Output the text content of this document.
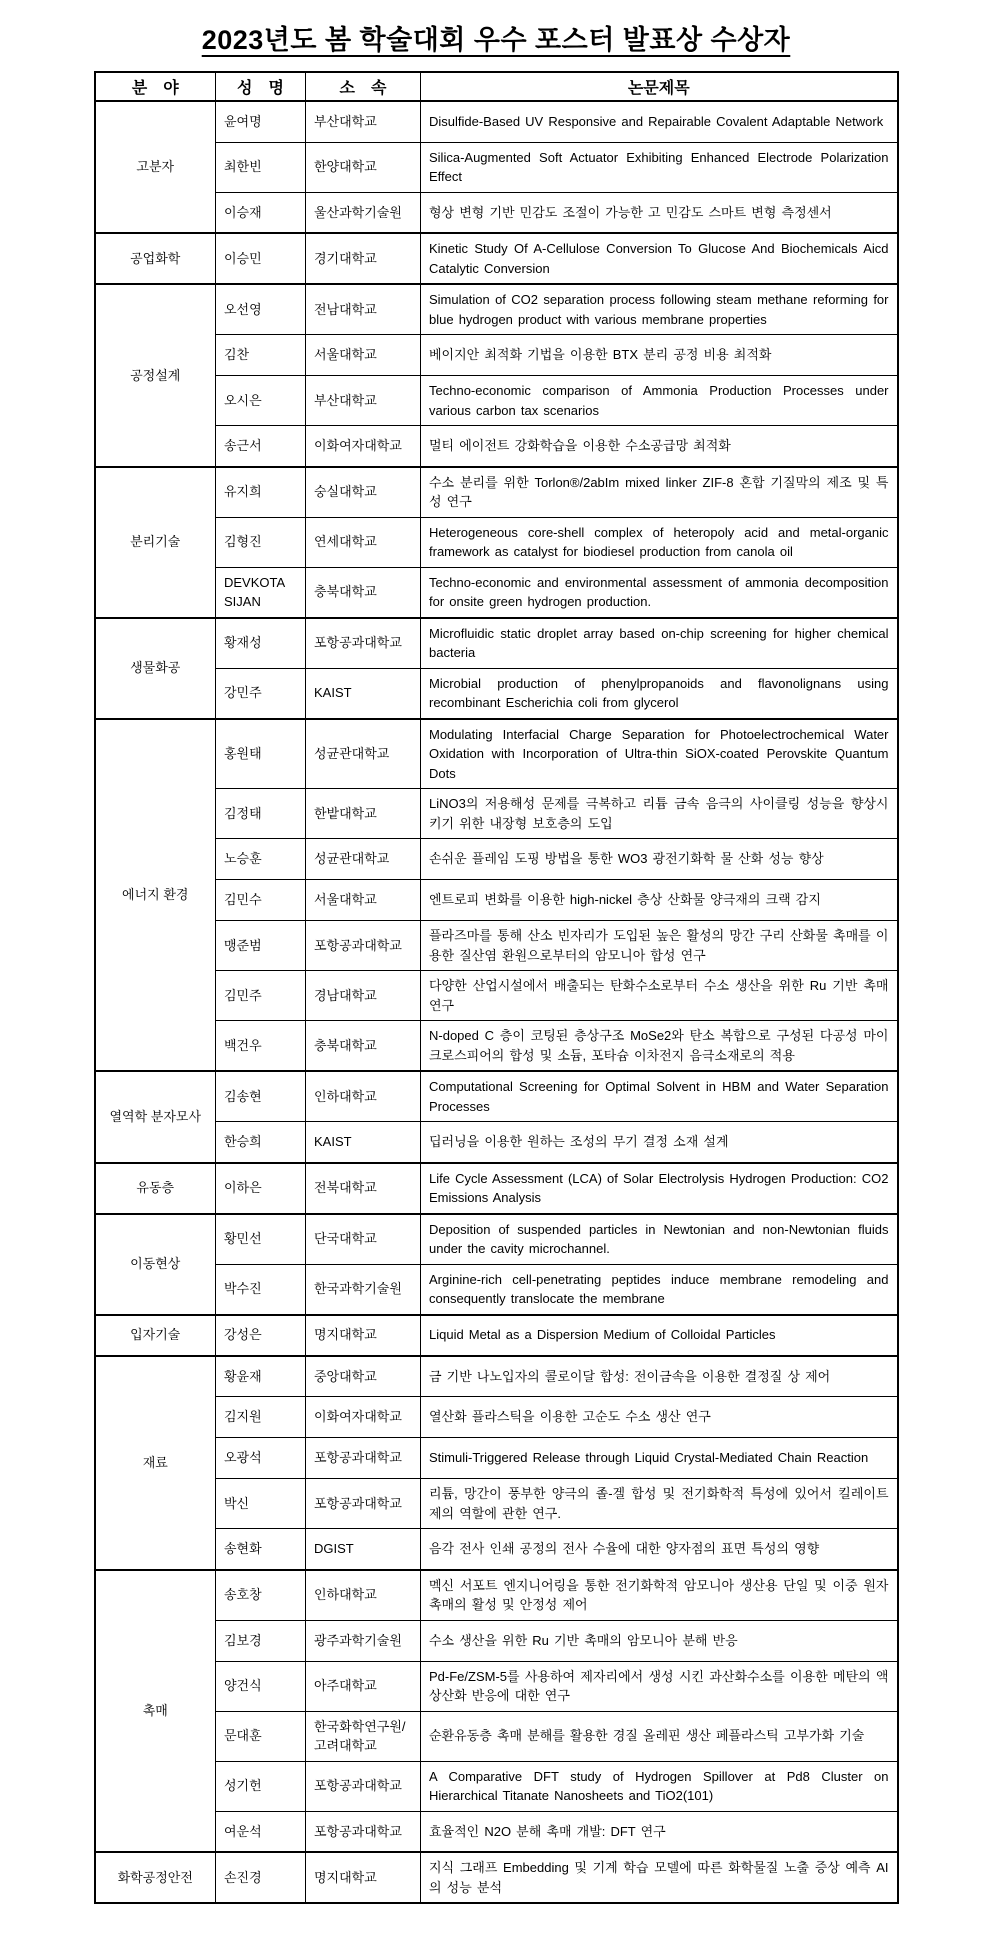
2023년도 봄 학술대회 우수 포스터 발표상 수상자
분　야	성　명	소　속	논문제목
고분자	윤여명	부산대학교	Disulfide-Based UV Responsive and Repairable Covalent Adaptable Network
	최한빈	한양대학교	Silica-Augmented Soft Actuator Exhibiting Enhanced Electrode Polarization Effect
	이승재	울산과학기술원	형상 변형 기반 민감도 조절이 가능한 고 민감도 스마트 변형 측정센서
공업화학	이승민	경기대학교	Kinetic Study Of A-Cellulose Conversion To Glucose And Biochemicals Aicd Catalytic Conversion
공정설계	오선영	전남대학교	Simulation of CO2 separation process following steam methane reforming for blue hydrogen product with various membrane properties
	김찬	서울대학교	베이지안 최적화 기법을 이용한 BTX 분리 공정 비용 최적화
	오시은	부산대학교	Techno-economic comparison of Ammonia Production Processes under various carbon tax scenarios
	송근서	이화여자대학교	멀티 에이전트 강화학습을 이용한 수소공급망 최적화
분리기술	유지희	숭실대학교	수소 분리를 위한 Torlon®/2abIm mixed linker ZIF-8 혼합 기질막의 제조 및 특성 연구
	김형진	연세대학교	Heterogeneous core-shell complex of heteropoly acid and metal-organic framework as catalyst for biodiesel production from canola oil
	DEVKOTA SIJAN	충북대학교	Techno-economic and environmental assessment of ammonia decomposition for onsite green hydrogen production.
생물화공	황재성	포항공과대학교	Microfluidic static droplet array based on-chip screening for higher chemical bacteria
	강민주	KAIST	Microbial production of phenylpropanoids and flavonolignans using recombinant Escherichia coli from glycerol
에너지 환경	홍원태	성균관대학교	Modulating Interfacial Charge Separation for Photoelectrochemical Water Oxidation with Incorporation of Ultra-thin SiOX-coated Perovskite Quantum Dots
	김정태	한밭대학교	LiNO3의 저용해성 문제를 극복하고 리튬 금속 음극의 사이클링 성능을 향상시키기 위한 내장형 보호층의 도입
	노승훈	성균관대학교	손쉬운 플레임 도핑 방법을 통한 WO3 광전기화학 물 산화 성능 향상
	김민수	서울대학교	엔트로피 변화를 이용한 high-nickel 층상 산화물 양극재의 크랙 감지
	맹준범	포항공과대학교	플라즈마를 통해 산소 빈자리가 도입된 높은 활성의 망간 구리 산화물 촉매를 이용한 질산염 환원으로부터의 암모니아 합성 연구
	김민주	경남대학교	다양한 산업시설에서 배출되는 탄화수소로부터 수소 생산을 위한 Ru 기반 촉매 연구
	백건우	충북대학교	N-doped C 층이 코팅된 층상구조 MoSe2와 탄소 복합으로 구성된 다공성 마이크로스피어의 합성 및 소듐, 포타슘 이차전지 음극소재로의 적용
열역학 분자모사	김송현	인하대학교	Computational Screening for Optimal Solvent in HBM and Water Separation Processes
	한승희	KAIST	딥러닝을 이용한 원하는 조성의 무기 결정 소재 설계
유동층	이하은	전북대학교	Life Cycle Assessment (LCA) of Solar Electrolysis Hydrogen Production: CO2 Emissions Analysis
이동현상	황민선	단국대학교	Deposition of suspended particles in Newtonian and non-Newtonian fluids under the cavity microchannel.
	박수진	한국과학기술원	Arginine-rich cell-penetrating peptides induce membrane remodeling and consequently translocate the membrane
입자기술	강성은	명지대학교	Liquid Metal as a Dispersion Medium of Colloidal Particles
재료	황윤재	중앙대학교	금 기반 나노입자의 콜로이달 합성: 전이금속을 이용한 결정질 상 제어
	김지원	이화여자대학교	열산화 플라스틱을 이용한 고순도 수소 생산 연구
	오광석	포항공과대학교	Stimuli-Triggered Release through Liquid Crystal-Mediated Chain Reaction
	박신	포항공과대학교	리튬, 망간이 풍부한 양극의 졸-겔 합성 및 전기화학적 특성에 있어서 킬레이트제의 역할에 관한 연구.
	송현화	DGIST	음각 전사 인쇄 공정의 전사 수율에 대한 양자점의 표면 특성의 영향
촉매	송호창	인하대학교	멕신 서포트 엔지니어링을 통한 전기화학적 암모니아 생산용 단일 및 이중 원자 촉매의 활성 및 안정성 제어
	김보경	광주과학기술원	수소 생산을 위한 Ru 기반 촉매의 암모니아 분해 반응
	양건식	아주대학교	Pd-Fe/ZSM-5를 사용하여 제자리에서 생성 시킨 과산화수소를 이용한 메탄의 액상산화 반응에 대한 연구
	문대훈	한국화학연구원/고려대학교	순환유동층 촉매 분해를 활용한 경질 올레핀 생산 페플라스틱 고부가화 기술
	성기헌	포항공과대학교	A Comparative DFT study of Hydrogen Spillover at Pd8 Cluster on Hierarchical Titanate Nanosheets and TiO2(101)
	여운석	포항공과대학교	효율적인 N2O 분해 촉매 개발: DFT 연구
화학공정안전	손진경	명지대학교	지식 그래프 Embedding 및 기계 학습 모델에 따른 화학물질 노출 증상 예측 AI의 성능 분석
